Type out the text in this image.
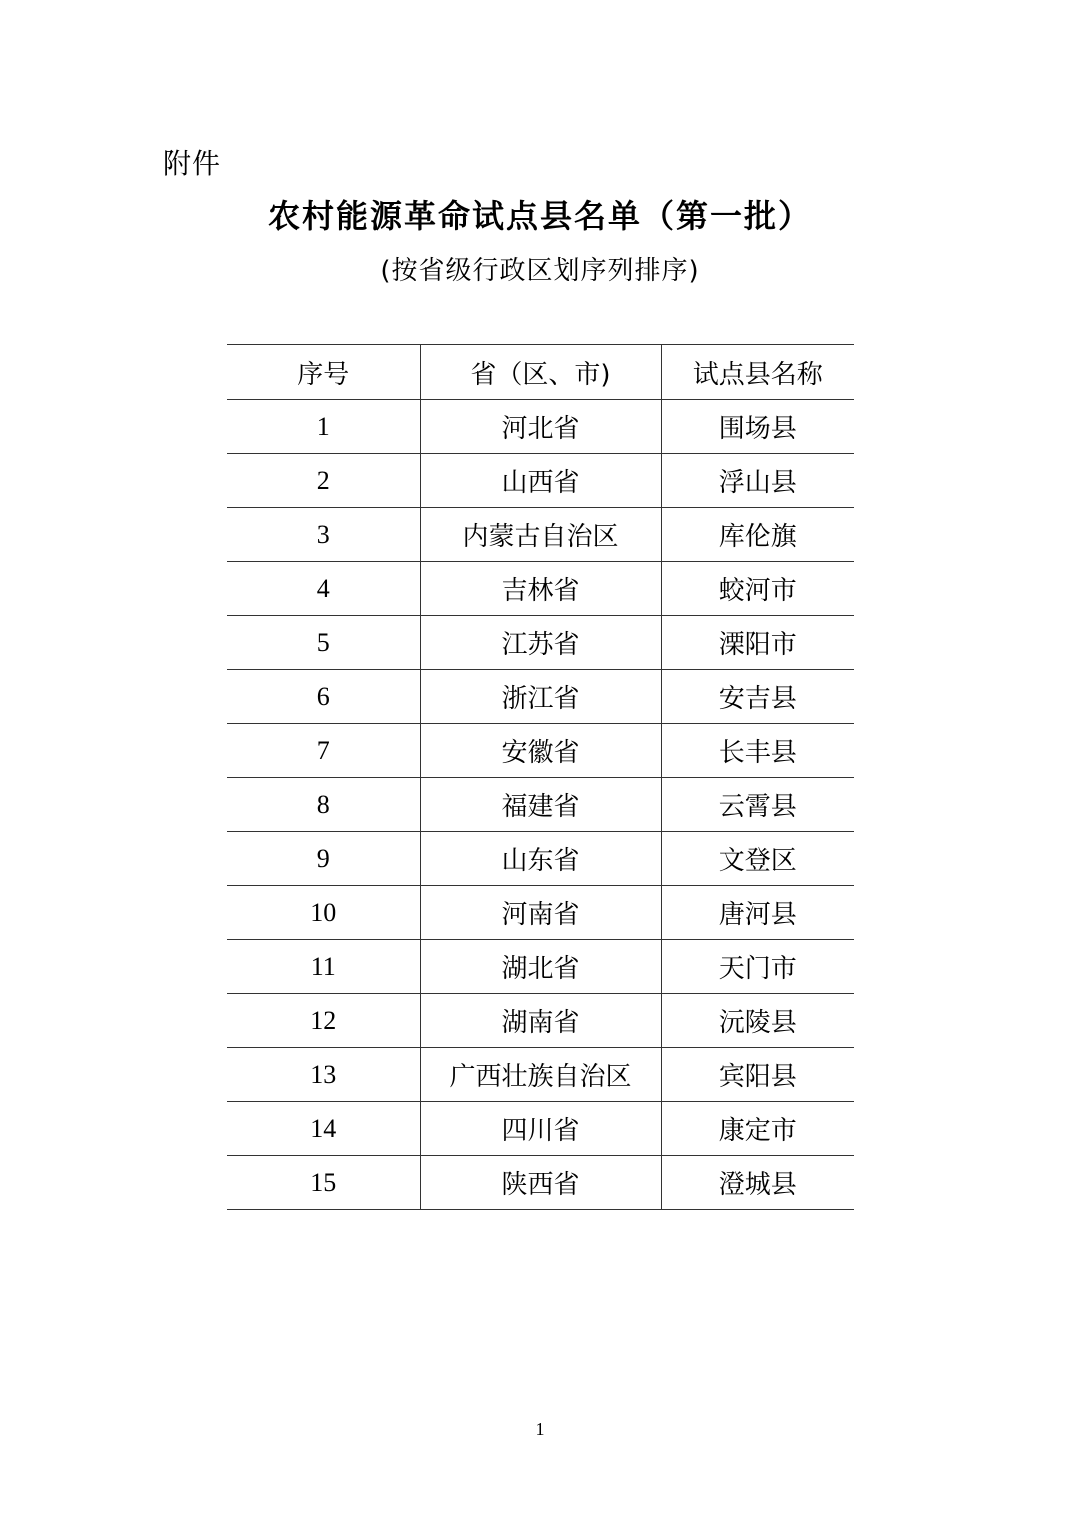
附件
农村能源革命试点县名单（第一批）
(按省级行政区划序列排序)
序号	省（区、市)	试点县名称
1	河北省	围场县
2	山西省	浮山县
3	内蒙古自治区	库伦旗
4	吉林省	蛟河市
5	江苏省	溧阳市
6	浙江省	安吉县
7	安徽省	长丰县
8	福建省	云霄县
9	山东省	文登区
10	河南省	唐河县
11	湖北省	天门市
12	湖南省	沅陵县
13	广西壮族自治区	宾阳县
14	四川省	康定市
15	陕西省	澄城县
1
